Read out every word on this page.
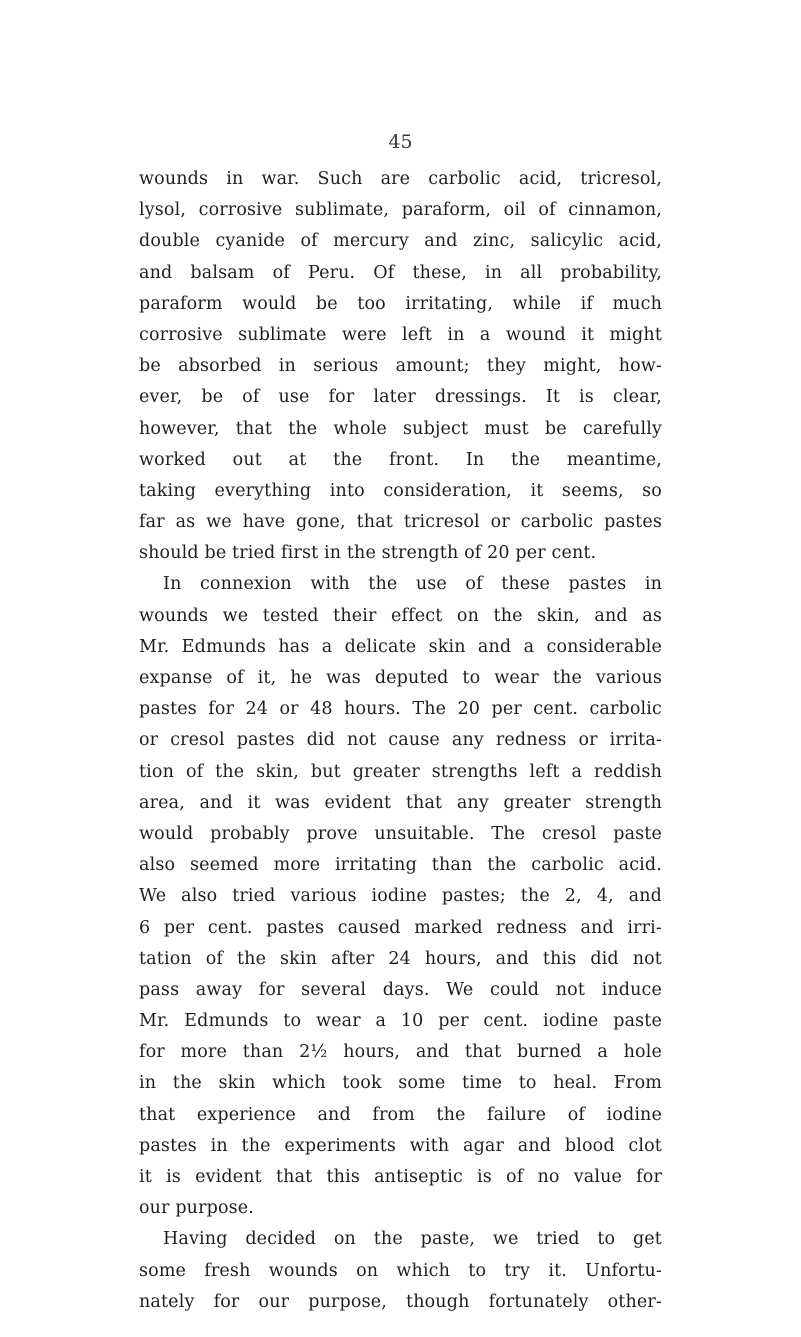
45
wounds in war. Such are carbolic acid, tricresol,
lysol, corrosive sublimate, paraform, oil of cinnamon,
double cyanide of mercury and zinc, salicylic acid,
and balsam of Peru. Of these, in all probability,
paraform would be too irritating, while if much
corrosive sublimate were left in a wound it might
be absorbed in serious amount; they might, how-
ever, be of use for later dressings. It is clear,
however, that the whole subject must be carefully
worked out at the front. In the meantime,
taking everything into consideration, it seems, so
far as we have gone, that tricresol or carbolic pastes
should be tried first in the strength of 20 per cent.
In connexion with the use of these pastes in
wounds we tested their effect on the skin, and as
Mr. Edmunds has a delicate skin and a considerable
expanse of it, he was deputed to wear the various
pastes for 24 or 48 hours. The 20 per cent. carbolic
or cresol pastes did not cause any redness or irrita-
tion of the skin, but greater strengths left a reddish
area, and it was evident that any greater strength
would probably prove unsuitable. The cresol paste
also seemed more irritating than the carbolic acid.
We also tried various iodine pastes; the 2, 4, and
6 per cent. pastes caused marked redness and irri-
tation of the skin after 24 hours, and this did not
pass away for several days. We could not induce
Mr. Edmunds to wear a 10 per cent. iodine paste
for more than 2½ hours, and that burned a hole
in the skin which took some time to heal. From
that experience and from the failure of iodine
pastes in the experiments with agar and blood clot
it is evident that this antiseptic is of no value for
our purpose.
Having decided on the paste, we tried to get
some fresh wounds on which to try it. Unfortu-
nately for our purpose, though fortunately other-
